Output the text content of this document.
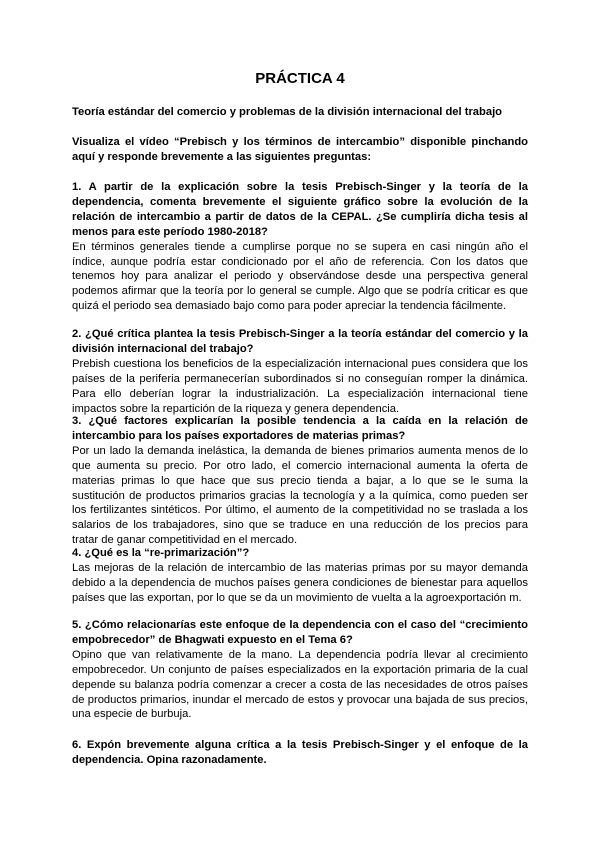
PRÁCTICA 4

Teoría estándar del comercio y problemas de la división internacional del trabajo

Visualiza el vídeo “Prebisch y los términos de intercambio” disponible pinchando aquí y responde brevemente a las siguientes preguntas:

1. A partir de la explicación sobre la tesis Prebisch-Singer y la teoría de la dependencia, comenta brevemente el siguiente gráfico sobre la evolución de la relación de intercambio a partir de datos de la CEPAL. ¿Se cumpliría dicha tesis al menos para este período 1980-2018?
En términos generales tiende a cumplirse porque no se supera en casi ningún año el índice, aunque podría estar condicionado por el año de referencia. Con los datos que tenemos hoy para analizar el periodo y observándose desde una perspectiva general podemos afirmar que la teoría por lo general se cumple. Algo que se podría criticar es que quizá el periodo sea demasiado bajo como para poder apreciar la tendencia fácilmente.
2. ¿Qué crítica plantea la tesis Prebisch-Singer a la teoría estándar del comercio y la división internacional del trabajo?
Prebish cuestiona los beneficios de la especialización internacional pues considera que los países de la periferia permanecerían subordinados si no conseguían romper la dinámica. Para ello deberían lograr la industrialización. La especialización internacional tiene impactos sobre la repartición de la riqueza y genera dependencia.
3. ¿Qué factores explicarían la posible tendencia a la caída en la relación de intercambio para los países exportadores de materias primas?
Por un lado la demanda inelástica, la demanda de bienes primarios aumenta menos de lo que aumenta su precio. Por otro lado, el comercio internacional aumenta la oferta de materias primas lo que hace que sus precio tienda a bajar, a lo que se le suma la sustitución de productos primarios gracias la tecnología y a la química, como pueden ser los fertilizantes sintéticos. Por último, el aumento de la competitividad no se traslada a los salarios de los trabajadores, sino que se traduce en una reducción de los precios para tratar de ganar competitividad en el mercado.
4. ¿Qué es la “re-primarización”?
Las mejoras de la relación de intercambio de las materias primas por su mayor demanda debido a la dependencia de muchos países genera condiciones de bienestar para aquellos países que las exportan, por lo que se da un movimiento de vuelta a la agroexportación m.
5. ¿Cómo relacionarías este enfoque de la dependencia con el caso del “crecimiento empobrecedor” de Bhagwati expuesto en el Tema 6?
Opino que van relativamente de la mano. La dependencia podría llevar al crecimiento empobrecedor. Un conjunto de países especializados en la exportación primaria de la cual depende su balanza podría comenzar a crecer a costa de las necesidades de otros países de productos primarios, inundar el mercado de estos y provocar una bajada de sus precios, una especie de burbuja.
6. Expón brevemente alguna crítica a la tesis Prebisch-Singer y el enfoque de la dependencia. Opina razonadamente.
